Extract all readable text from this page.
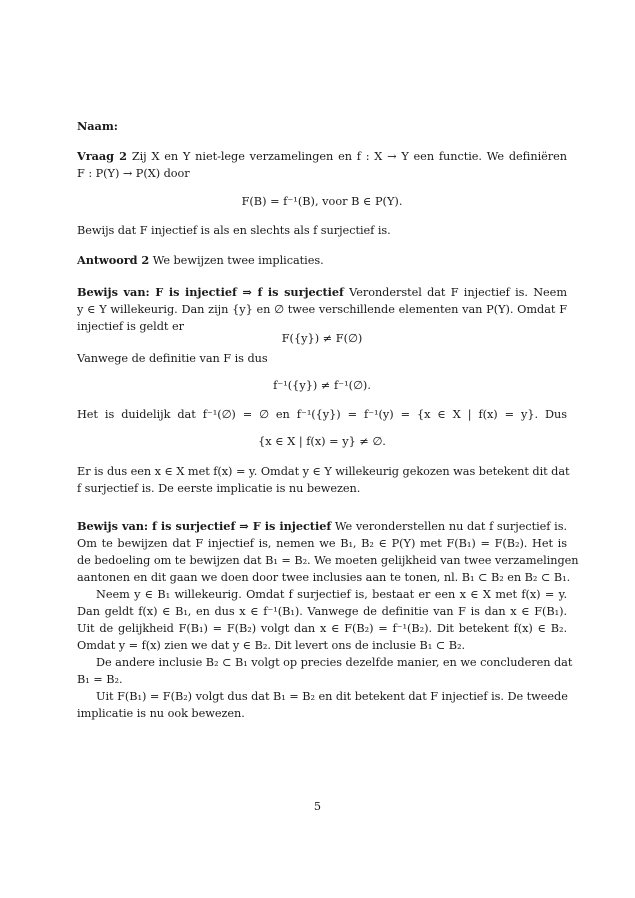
Naam:
Vraag 2 Zij X en Y niet-lege verzamelingen en f : X → Y een functie. We definiëren
F : P(Y) → P(X) door
F(B) = f⁻¹(B), voor B ∈ P(Y).
Bewijs dat F injectief is als en slechts als f surjectief is.
Antwoord 2 We bewijzen twee implicaties.
Bewijs van: F is injectief ⇒ f is surjectief Veronderstel dat F injectief is. Neem
y ∈ Y willekeurig. Dan zijn {y} en ∅ twee verschillende elementen van P(Y). Omdat F
injectief is geldt er
F({y}) ≠ F(∅)
Vanwege de definitie van F is dus
f⁻¹({y}) ≠ f⁻¹(∅).
Het is duidelijk dat f⁻¹(∅) = ∅ en f⁻¹({y}) = f⁻¹(y) = {x ∈ X | f(x) = y}. Dus
{x ∈ X | f(x) = y} ≠ ∅.
Er is dus een x ∈ X met f(x) = y. Omdat y ∈ Y willekeurig gekozen was betekent dit dat
f surjectief is. De eerste implicatie is nu bewezen.
Bewijs van: f is surjectief ⇒ F is injectief We veronderstellen nu dat f surjectief is.
Om te bewijzen dat F injectief is, nemen we B₁, B₂ ∈ P(Y) met F(B₁) = F(B₂). Het is
de bedoeling om te bewijzen dat B₁ = B₂. We moeten gelijkheid van twee verzamelingen
aantonen en dit gaan we doen door twee inclusies aan te tonen, nl. B₁ ⊂ B₂ en B₂ ⊂ B₁.
Neem y ∈ B₁ willekeurig. Omdat f surjectief is, bestaat er een x ∈ X met f(x) = y.
Dan geldt f(x) ∈ B₁, en dus x ∈ f⁻¹(B₁). Vanwege de definitie van F is dan x ∈ F(B₁).
Uit de gelijkheid F(B₁) = F(B₂) volgt dan x ∈ F(B₂) = f⁻¹(B₂). Dit betekent f(x) ∈ B₂.
Omdat y = f(x) zien we dat y ∈ B₂. Dit levert ons de inclusie B₁ ⊂ B₂.
De andere inclusie B₂ ⊂ B₁ volgt op precies dezelfde manier, en we concluderen dat
B₁ = B₂.
Uit F(B₁) = F(B₂) volgt dus dat B₁ = B₂ en dit betekent dat F injectief is. De tweede
implicatie is nu ook bewezen.
5
